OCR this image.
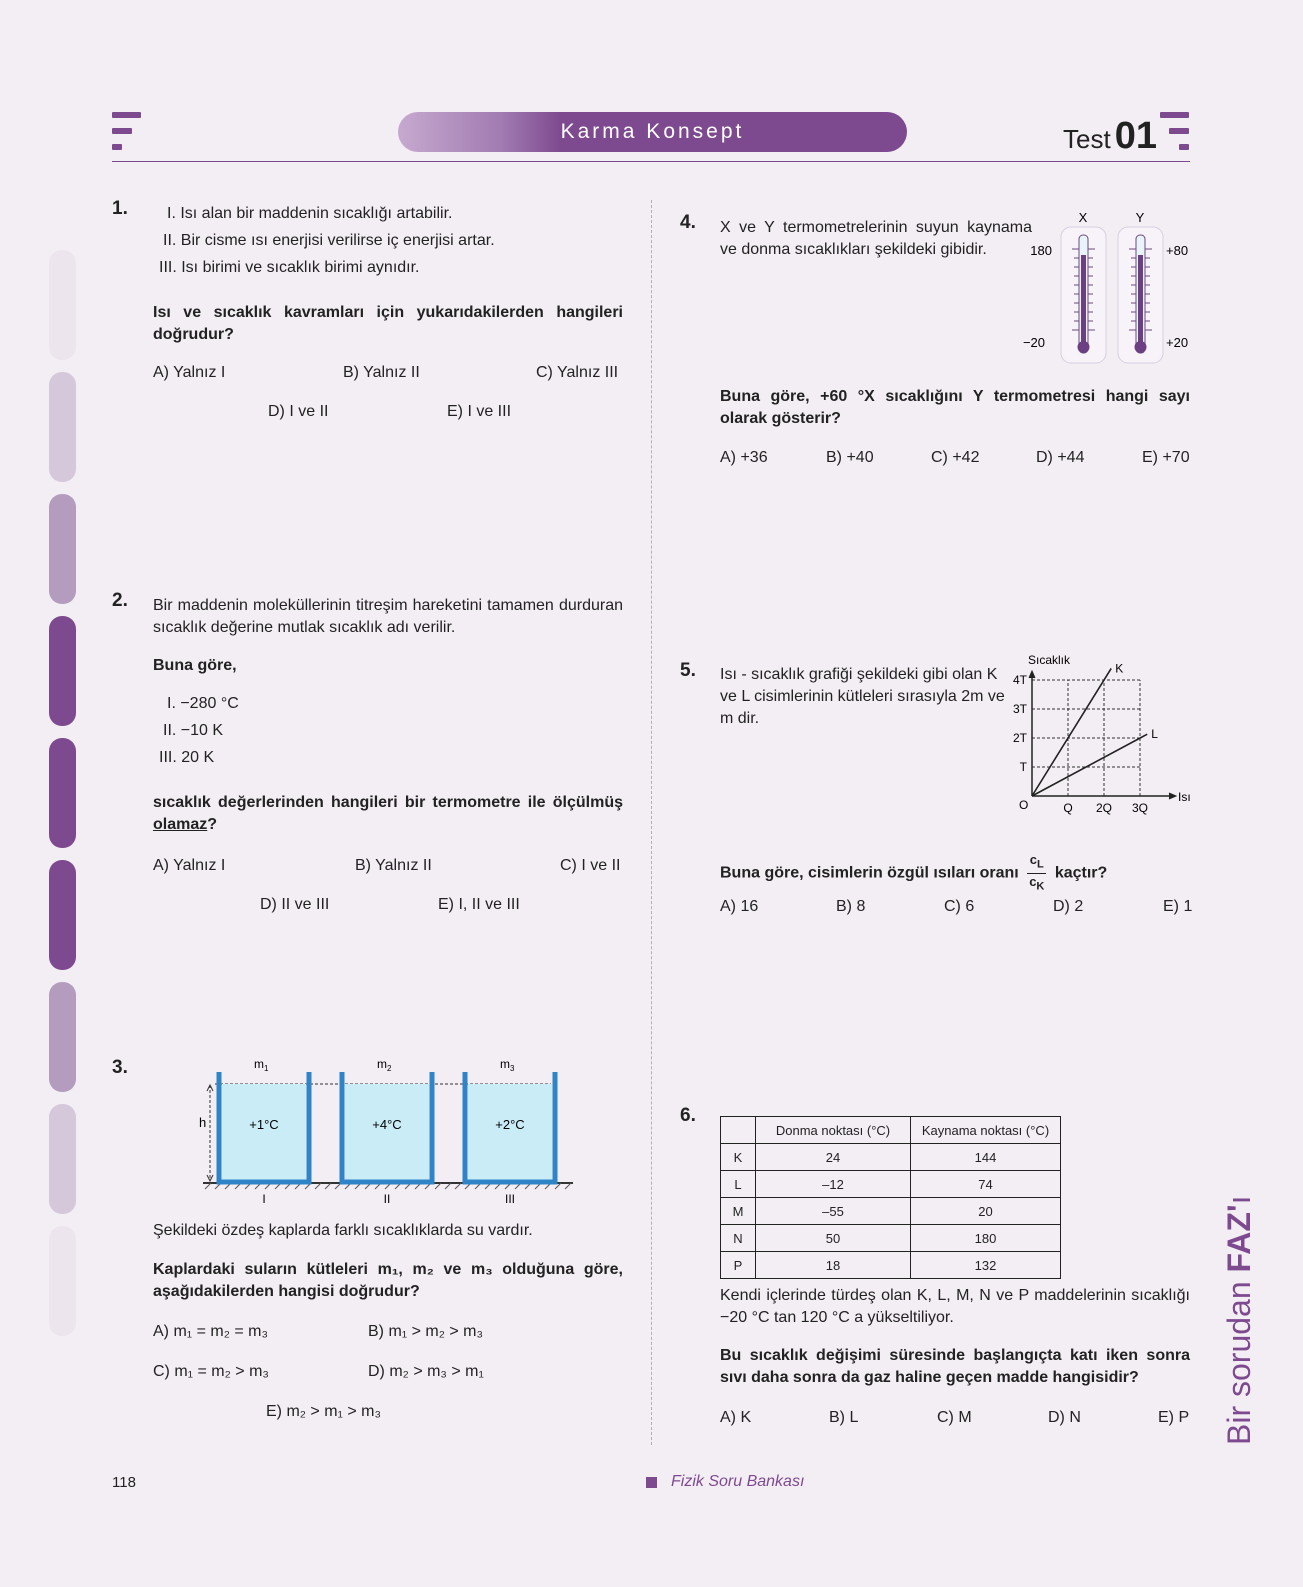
Karma Konsept	Test 01
1. I. Isı alan bir maddenin sıcaklığı artabilir.
II. Bir cisme ısı enerjisi verilirse iç enerjisi artar.
III. Isı birimi ve sıcaklık birimi aynıdır.
Isı ve sıcaklık kavramları için yukarıdakilerden hangileri doğrudur?
A) Yalnız I	B) Yalnız II	C) Yalnız III
D) I ve II	E) I ve III
2. Bir maddenin moleküllerinin titreşim hareketini tamamen durduran sıcaklık değerine mutlak sıcaklık adı verilir.
Buna göre,
I. −280 °C
II. −10 K
III. 20 K
sıcaklık değerlerinden hangileri bir termometre ile ölçülmüş olamaz?
A) Yalnız I	B) Yalnız II	C) I ve II
D) II ve III	E) I, II ve III
3.
h
$m_1$	$m_2$	$m_3$
+1°C	+4°C	+2°C
I	II	III
Şekildeki özdeş kaplarda farklı sıcaklıklarda su vardır.
Kaplardaki suların kütleleri m₁, m₂ ve m₃ olduğuna göre, aşağıdakilerden hangisi doğrudur?
A) m₁ = m₂ = m₃	B) m₁ > m₂ > m₃
C) m₁ = m₂ > m₃	D) m₂ > m₃ > m₁
E) m₂ > m₁ > m₃
4. X ve Y termometrelerinin suyun kaynama ve donma sıcaklıkları şekildeki gibidir.
X	Y
180
−20
+80
+20
Buna göre, +60 °X sıcaklığını Y termometresi hangi sayı olarak gösterir?
A) +36	B) +40	C) +42	D) +44	E) +70
5. Isı - sıcaklık grafiği şekildeki gibi olan K ve L cisimlerinin kütleleri sırasıyla 2m ve m dir.
Sıcaklık
Isı
O	Q 2Q 3Q
T
2T
3T
4T
K
L
Buna göre, cisimlerin özgül ısıları oranı $\frac{c_L}{c_K}$ kaçtır?
A) 16	B) 8	C) 6	D) 2	E) 1
6.
	Donma noktası (°C)	Kaynama noktası (°C)
K	24	144
L	–12	74
M	–55	20
N	50	180
P	18	132
Kendi içlerinde türdeş olan K, L, M, N ve P maddelerinin sıcaklığı −20 °C tan 120 °C a yükseltiliyor.
Bu sıcaklık değişimi süresinde başlangıçta katı iken sonra sıvı daha sonra da gaz haline geçen madde hangisidir?
A) K	B) L	C) M	D) N	E) P Bir sorudan FAZ'ı
118	Fizik Soru Bankası
